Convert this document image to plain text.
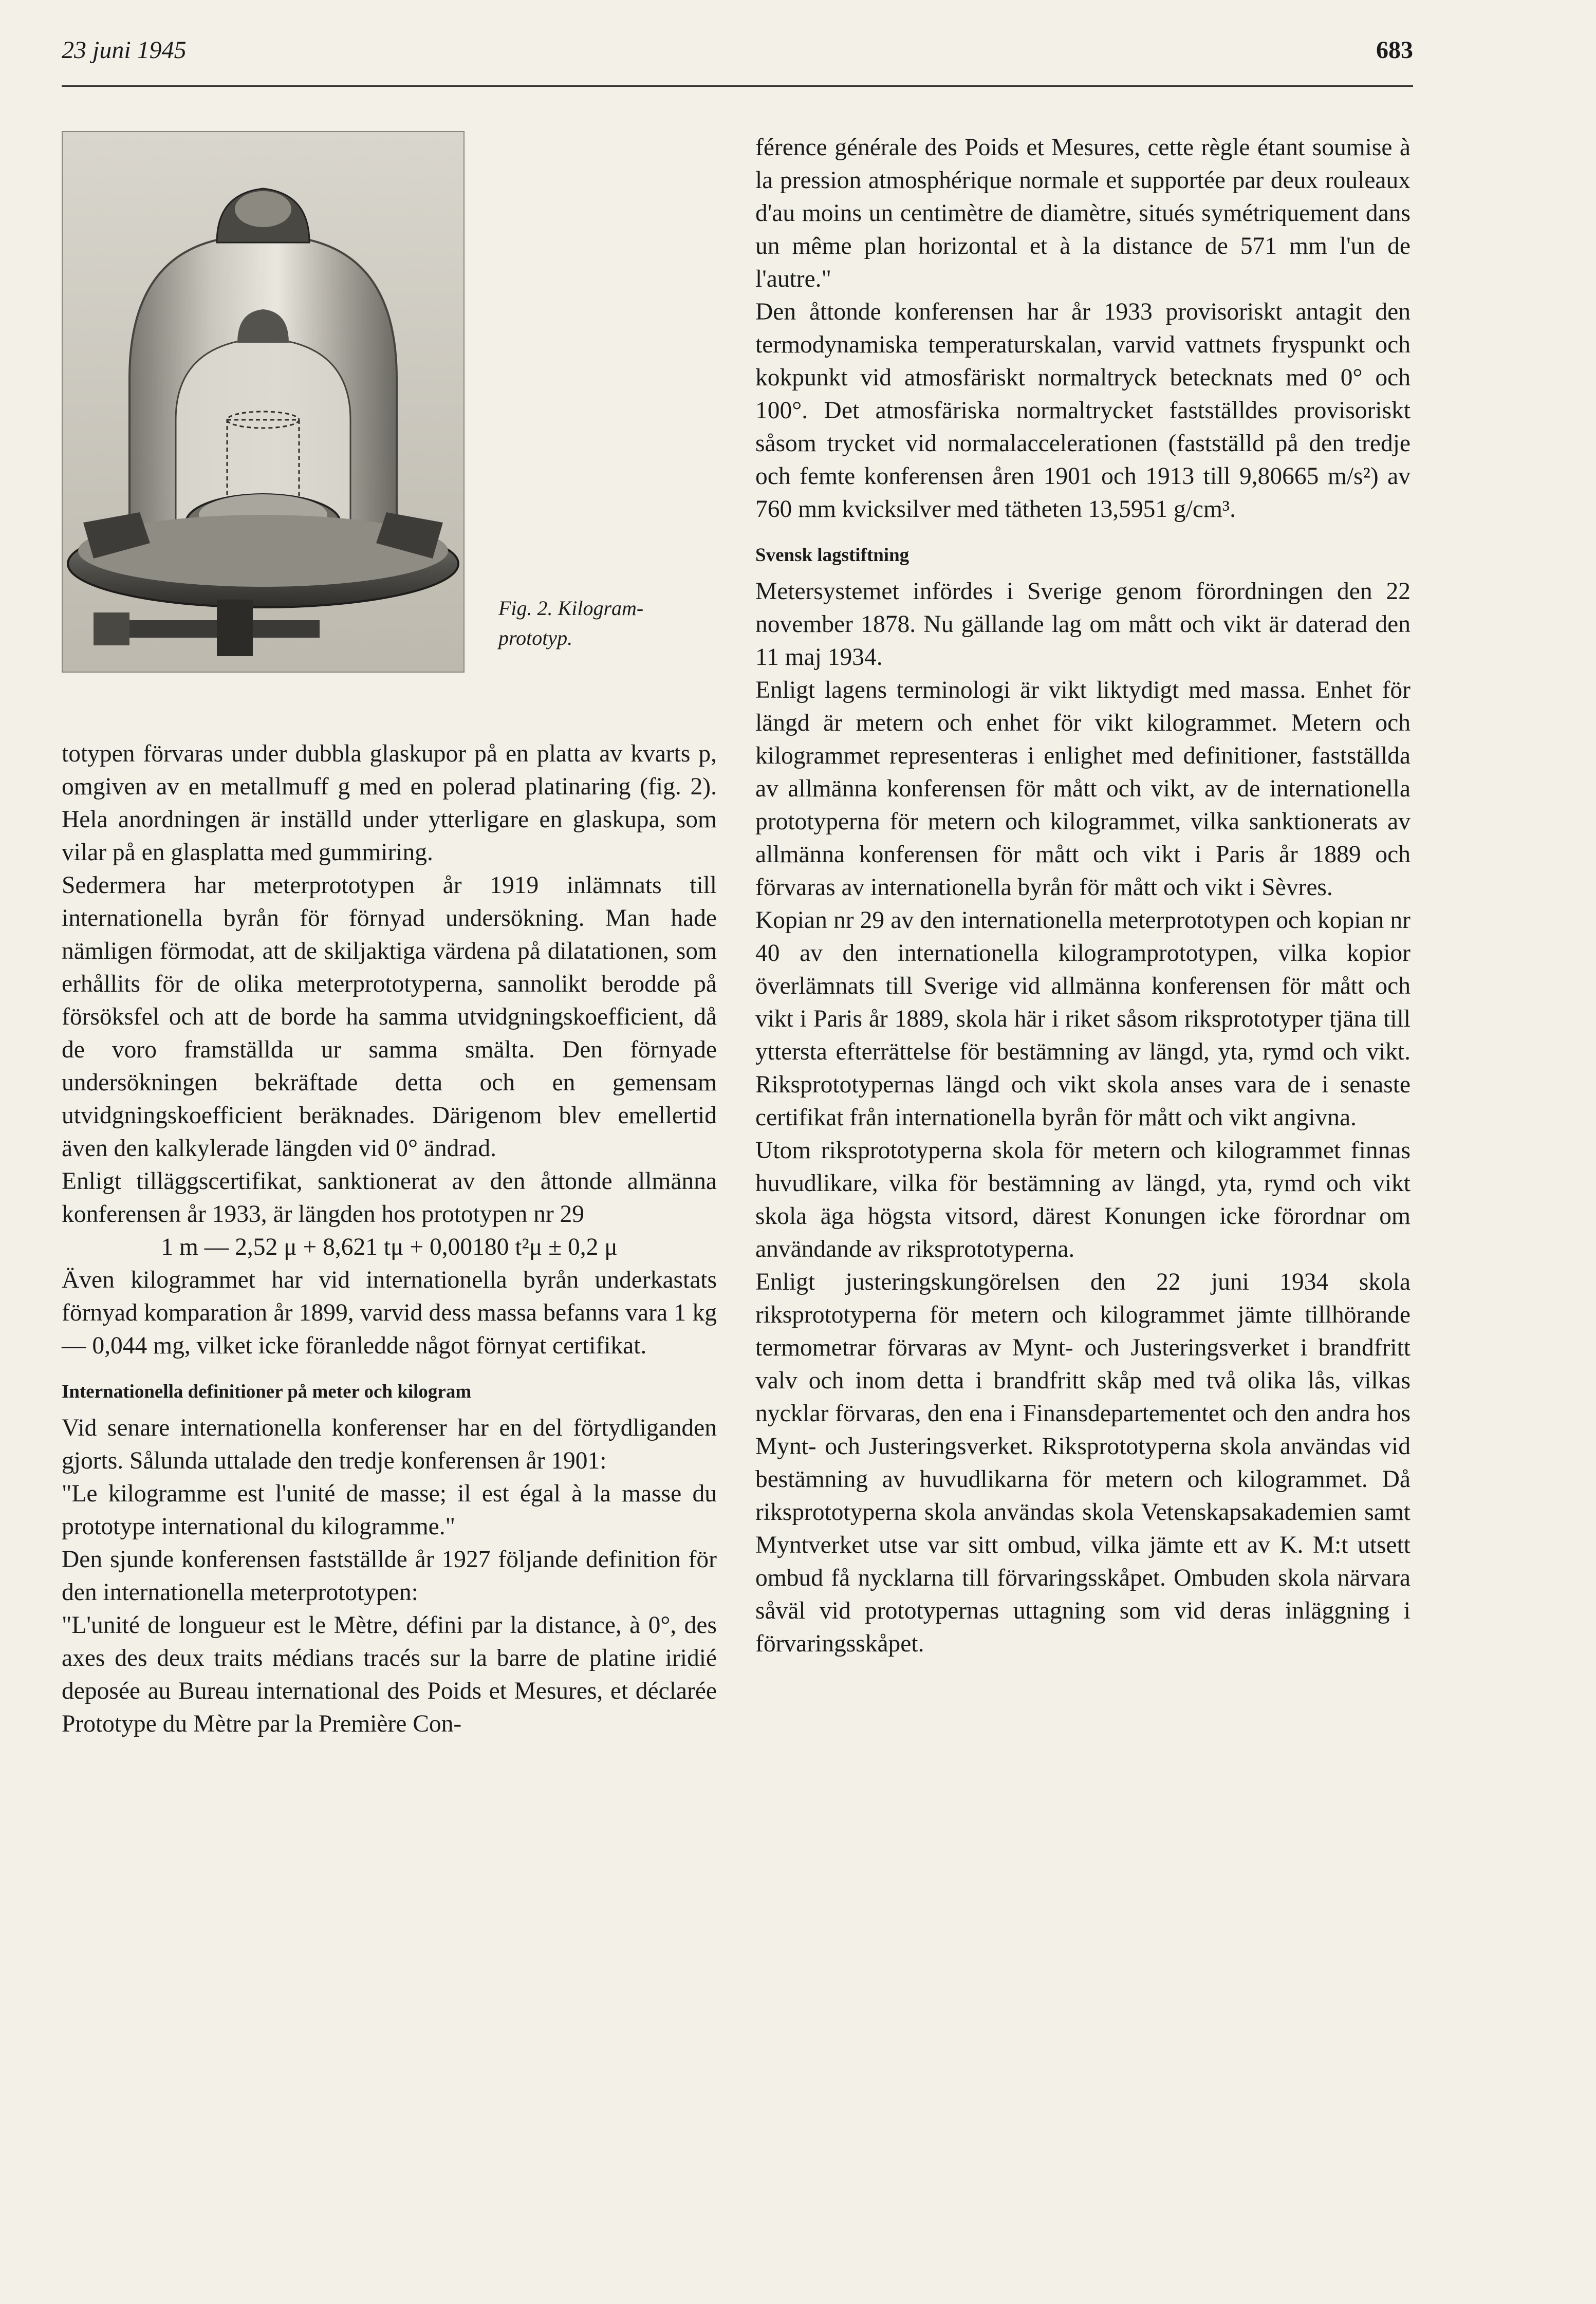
23 juni 1945	683
Fig. 2. Kilogram-
prototyp.

totypen förvaras under dubbla glaskupor på en platta av kvarts p, omgiven av en metallmuff g med en polerad platinaring (fig. 2). Hela anordningen är inställd under ytterligare en glaskupa, som vilar på en glasplatta med gummiring.

Sedermera har meterprototypen år 1919 inlämnats till internationella byrån för förnyad undersökning. Man hade nämligen förmodat, att de skiljaktiga värdena på dilatationen, som erhållits för de olika meterprototyperna, sannolikt berodde på försöksfel och att de borde ha samma utvidgningskoefficient, då de voro framställda ur samma smälta. Den förnyade undersökningen bekräftade detta och en gemensam utvidgningskoefficient beräknades. Därigenom blev emellertid även den kalkylerade längden vid 0° ändrad.

Enligt tilläggscertifikat, sanktionerat av den åttonde allmänna konferensen år 1933, är längden hos prototypen nr 29

1 m — 2,52 μ + 8,621 tμ + 0,00180 t²μ ± 0,2 μ

Även kilogrammet har vid internationella byrån underkastats förnyad komparation år 1899, varvid dess massa befanns vara 1 kg — 0,044 mg, vilket icke föranledde något förnyat certifikat.

Internationella definitioner på meter och kilogram

Vid senare internationella konferenser har en del förtydliganden gjorts. Sålunda uttalade den tredje konferensen år 1901:

"Le kilogramme est l'unité de masse; il est égal à la masse du prototype international du kilogramme."

Den sjunde konferensen fastställde år 1927 följande definition för den internationella meterprototypen:

"L'unité de longueur est le Mètre, défini par la distance, à 0°, des axes des deux traits médians tracés sur la barre de platine iridié deposée au Bureau international des Poids et Mesures, et déclarée Prototype du Mètre par la Première Con-

férence générale des Poids et Mesures, cette règle étant soumise à la pression atmosphérique normale et supportée par deux rouleaux d'au moins un centimètre de diamètre, situés symétriquement dans un même plan horizontal et à la distance de 571 mm l'un de l'autre."

Den åttonde konferensen har år 1933 provisoriskt antagit den termodynamiska temperaturskalan, varvid vattnets fryspunkt och kokpunkt vid atmosfäriskt normaltryck betecknats med 0° och 100°. Det atmosfäriska normaltrycket fastställdes provisoriskt såsom trycket vid normalaccelerationen (fastställd på den tredje och femte konferensen åren 1901 och 1913 till 9,80665 m/s²) av 760 mm kvicksilver med tätheten 13,5951 g/cm³.

Svensk lagstiftning

Metersystemet infördes i Sverige genom förordningen den 22 november 1878. Nu gällande lag om mått och vikt är daterad den 11 maj 1934.

Enligt lagens terminologi är vikt liktydigt med massa. Enhet för längd är metern och enhet för vikt kilogrammet. Metern och kilogrammet representeras i enlighet med definitioner, fastställda av allmänna konferensen för mått och vikt, av de internationella prototyperna för metern och kilogrammet, vilka sanktionerats av allmänna konferensen för mått och vikt i Paris år 1889 och förvaras av internationella byrån för mått och vikt i Sèvres.

Kopian nr 29 av den internationella meterprototypen och kopian nr 40 av den internationella kilogramprototypen, vilka kopior överlämnats till Sverige vid allmänna konferensen för mått och vikt i Paris år 1889, skola här i riket såsom riksprototyper tjäna till yttersta efterrättelse för bestämning av längd, yta, rymd och vikt. Riksprototypernas längd och vikt skola anses vara de i senaste certifikat från internationella byrån för mått och vikt angivna.

Utom riksprototyperna skola för metern och kilogrammet finnas huvudlikare, vilka för bestämning av längd, yta, rymd och vikt skola äga högsta vitsord, därest Konungen icke förordnar om användande av riksprototyperna.

Enligt justeringskungörelsen den 22 juni 1934 skola riksprototyperna för metern och kilogrammet jämte tillhörande termometrar förvaras av Mynt- och Justeringsverket i brandfritt valv och inom detta i brandfritt skåp med två olika lås, vilkas nycklar förvaras, den ena i Finansdepartementet och den andra hos Mynt- och Justeringsverket. Riksprototyperna skola användas vid bestämning av huvudlikarna för metern och kilogrammet. Då riksprototyperna skola användas skola Vetenskapsakademien samt Myntverket utse var sitt ombud, vilka jämte ett av K. M:t utsett ombud få nycklarna till förvaringsskåpet. Ombuden skola närvara såväl vid prototypernas uttagning som vid deras inläggning i förvaringsskåpet.
